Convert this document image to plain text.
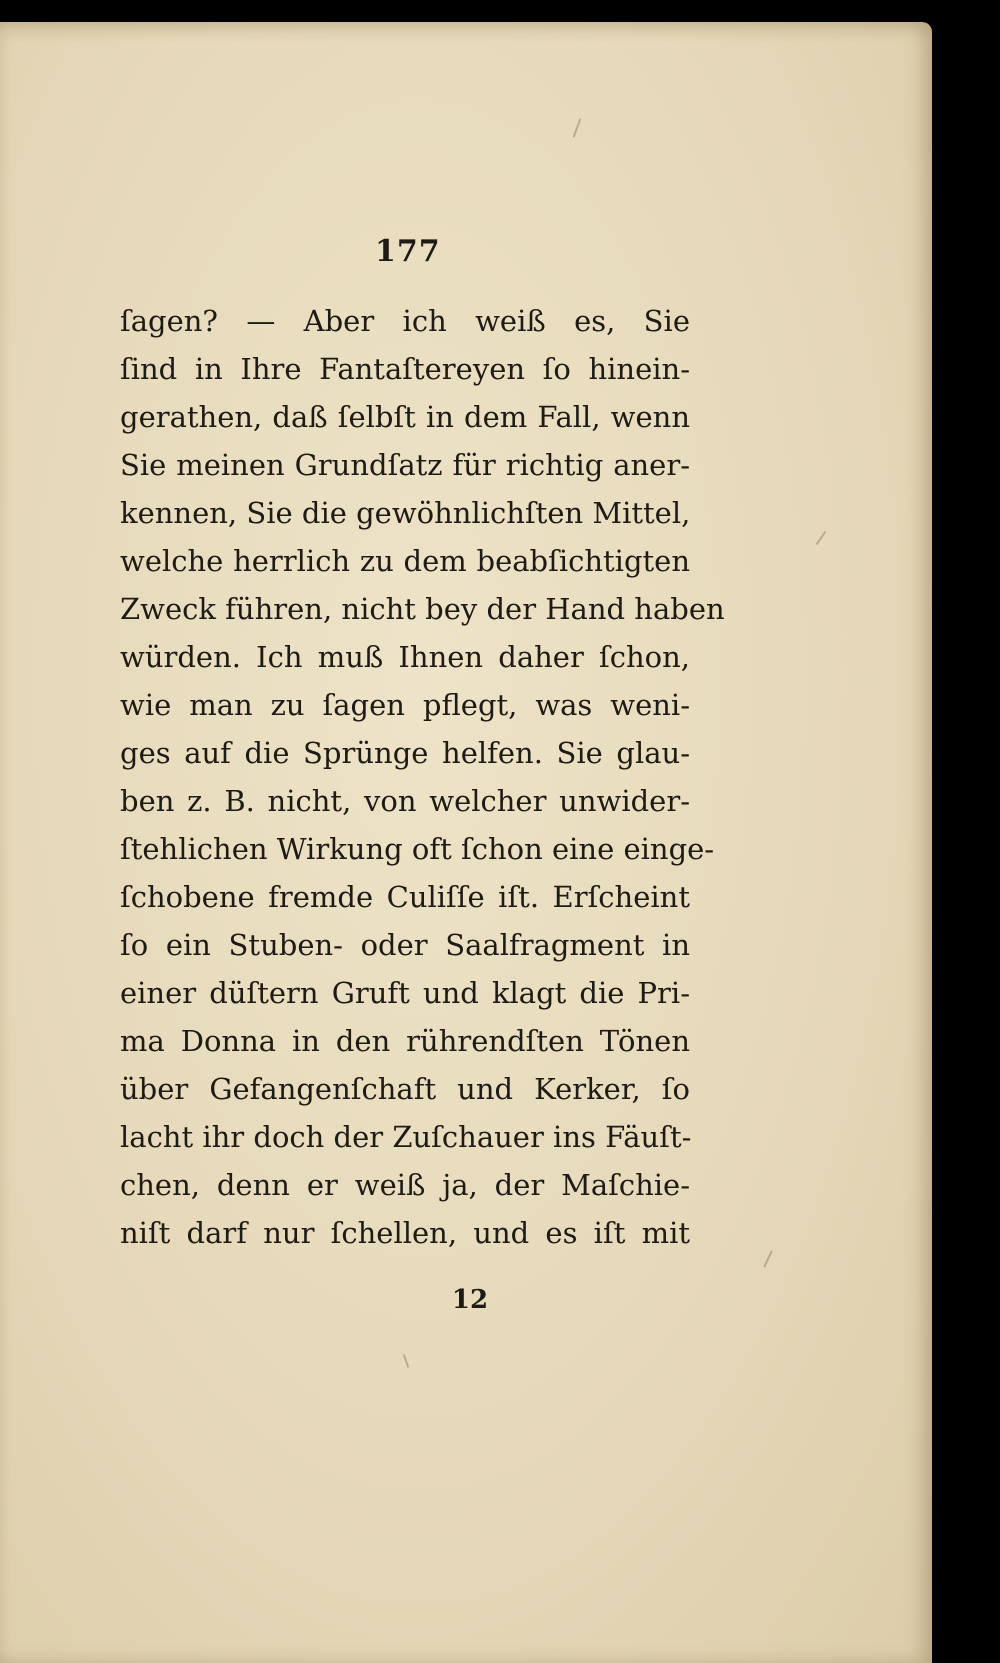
177
ſagen? — Aber ich weiß es, Sie
ſind in Ihre Fantaſtereyen ſo hinein-
gerathen, daß ſelbſt in dem Fall, wenn
Sie meinen Grundſatz für richtig aner-
kennen, Sie die gewöhnlichſten Mittel,
welche herrlich zu dem beabſichtigten
Zweck führen, nicht bey der Hand haben
würden. Ich muß Ihnen daher ſchon,
wie man zu ſagen pflegt, was weni-
ges auf die Sprünge helfen. Sie glau-
ben z. B. nicht, von welcher unwider-
ſtehlichen Wirkung oft ſchon eine einge-
ſchobene fremde Culiſſe iſt. Erſcheint
ſo ein Stuben- oder Saalfragment in
einer düſtern Gruft und klagt die Pri-
ma Donna in den rührendſten Tönen
über Gefangenſchaft und Kerker, ſo
lacht ihr doch der Zuſchauer ins Fäuſt-
chen, denn er weiß ja, der Maſchie-
niſt darf nur ſchellen, und es iſt mit
12
